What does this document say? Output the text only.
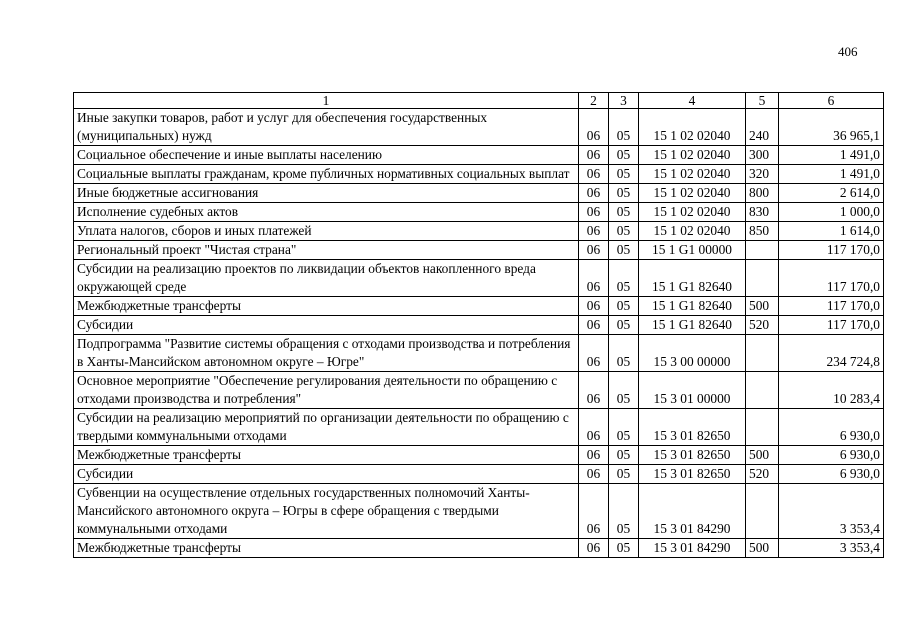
406
1	2	3	4	5	6
Иные закупки товаров, работ и услуг для обеспечения государственных (муниципальных) нужд	06	05	15 1 02 02040	240	36 965,1
Социальное обеспечение и иные выплаты населению	06	05	15 1 02 02040	300	1 491,0
Социальные выплаты гражданам, кроме публичных нормативных социальных выплат	06	05	15 1 02 02040	320	1 491,0
Иные бюджетные ассигнования	06	05	15 1 02 02040	800	2 614,0
Исполнение судебных актов	06	05	15 1 02 02040	830	1 000,0
Уплата налогов, сборов и иных платежей	06	05	15 1 02 02040	850	1 614,0
Региональный проект "Чистая страна"	06	05	15 1 G1 00000		117 170,0
Субсидии на реализацию проектов по ликвидации объектов накопленного вреда окружающей среде	06	05	15 1 G1 82640		117 170,0
Межбюджетные трансферты	06	05	15 1 G1 82640	500	117 170,0
Субсидии	06	05	15 1 G1 82640	520	117 170,0
Подпрограмма "Развитие системы обращения с отходами производства и потребления в Ханты-Мансийском автономном округе – Югре"	06	05	15 3 00 00000		234 724,8
Основное мероприятие "Обеспечение регулирования деятельности по обращению с отходами производства и потребления"	06	05	15 3 01 00000		10 283,4
Субсидии на реализацию мероприятий по организации деятельности по обращению с твердыми коммунальными отходами	06	05	15 3 01 82650		6 930,0
Межбюджетные трансферты	06	05	15 3 01 82650	500	6 930,0
Субсидии	06	05	15 3 01 82650	520	6 930,0
Субвенции на осуществление отдельных государственных полномочий Ханты-Мансийского автономного округа – Югры в сфере обращения с твердыми коммунальными отходами	06	05	15 3 01 84290		3 353,4
Межбюджетные трансферты	06	05	15 3 01 84290	500	3 353,4
